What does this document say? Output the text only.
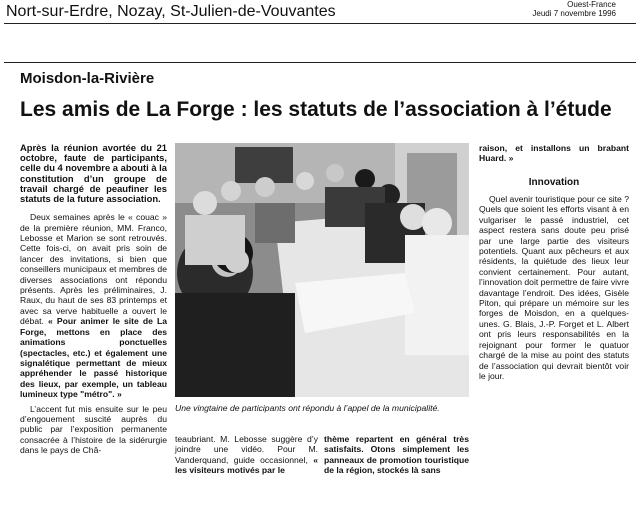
Nort-sur-Erdre, Nozay, St-Julien-de-Vouvantes	Ouest-France
Jeudi 7 novembre 1996
Moisdon-la-Rivière
Les amis de La Forge : les statuts de l’association à l’étude

Après la réunion avortée du 21 octobre, faute de participants, celle du 4 novembre a abouti à la constitution d’un groupe de travail chargé de peaufiner les statuts de la future association.

Deux semaines après le « couac » de la première réunion, MM. Franco, Lebosse et Marion se sont retrouvés. Cette fois-ci, on avait pris soin de lancer des invitations, si bien que conseillers municipaux et membres de diverses associations ont répondu présents. Après les préliminaires, J. Raux, du haut de ses 83 printemps et avec sa verve habituelle a ouvert le débat. « Pour animer le site de La Forge, mettons en place des animations ponctuelles (spectacles, etc.) et également une signalétique permettant de mieux appréhender le passé historique des lieux, par exemple, un tableau lumineux type "métro". »

L’accent fut mis ensuite sur le peu d’engouement suscité auprès du public par l’exposition permanente consacrée à l’histoire de la sidérurgie dans le pays de Châ-

Une vingtaine de participants ont répondu à l’appel de la municipalité.

teaubriant. M. Lebosse suggère d’y joindre une vidéo. Pour M. Vanderquand, guide occasionnel, « les visiteurs motivés par le

thème repartent en général très satisfaits. Otons simplement les panneaux de promotion touristique de la région, stockés là sans

raison, et installons un brabant Huard. »

Innovation

Quel avenir touristique pour ce site ? Quels que soient les efforts visant à en vulgariser le passé industriel, cet aspect restera sans doute peu prisé par une large partie des visiteurs potentiels. Quant aux pêcheurs et aux résidents, la quiétude des lieux leur convient certainement. Pour autant, l’innovation doit permettre de faire vivre davantage l’endroit. Des idées, Gisèle Piton, qui prépare un mémoire sur les forges de Moisdon, en a quelques-unes. G. Blais, J.-P. Forget et L. Albert ont pris leurs responsabilités en la rejoignant pour former le quatuor chargé de la mise au point des statuts de l’association qui devrait bientôt voir le jour.
